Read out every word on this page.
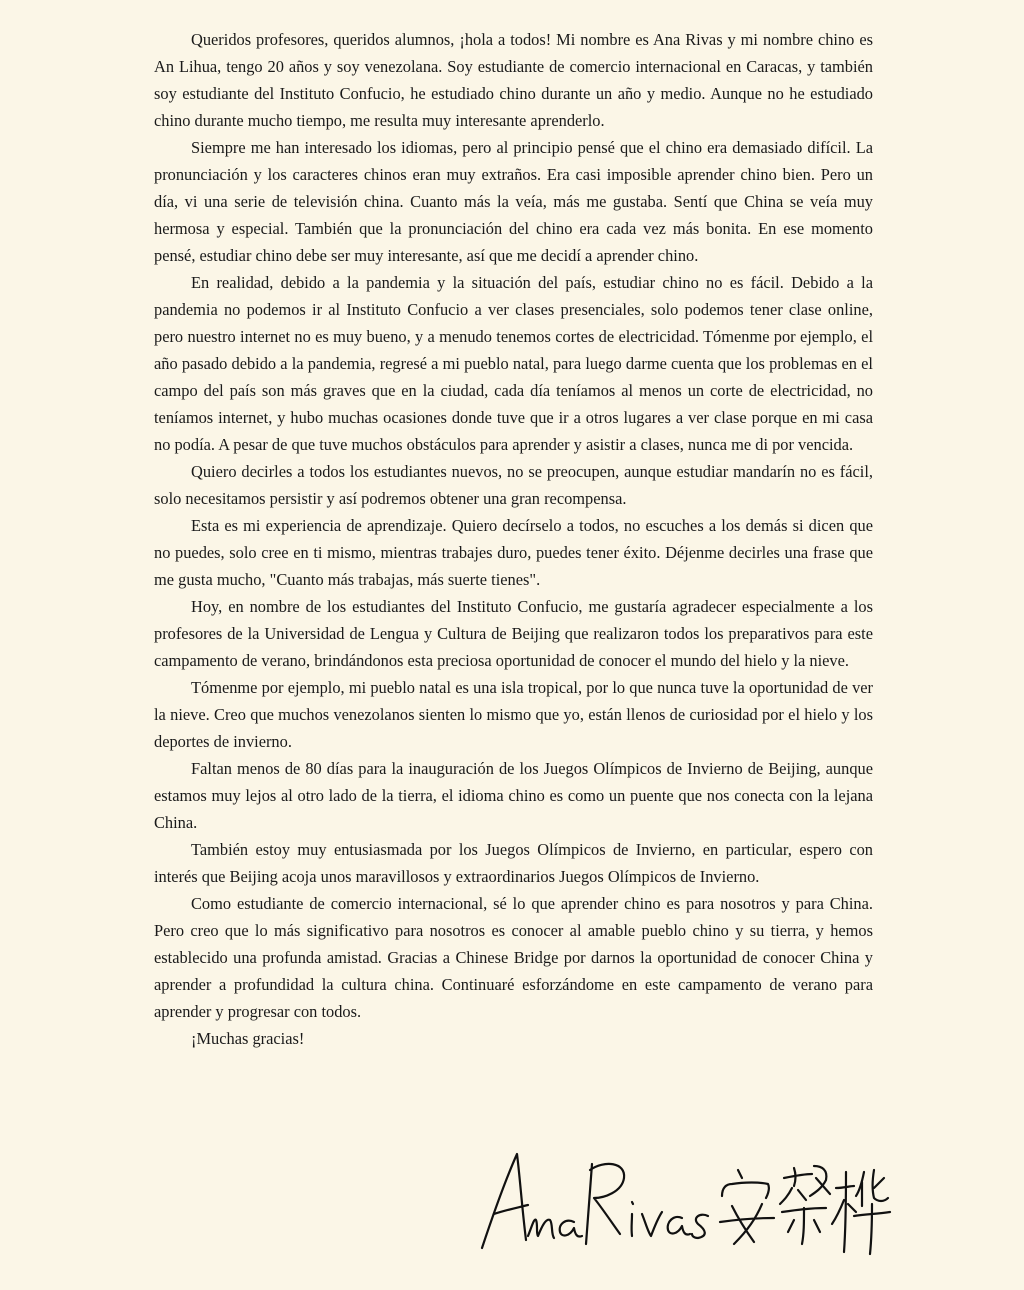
Queridos profesores, queridos alumnos, ¡hola a todos! Mi nombre es Ana Rivas y mi nombre chino es An Lihua, tengo 20 años y soy venezolana. Soy estudiante de comercio internacional en Caracas, y también soy estudiante del Instituto Confucio, he estudiado chino durante un año y medio. Aunque no he estudiado chino durante mucho tiempo, me resulta muy interesante aprenderlo.

Siempre me han interesado los idiomas, pero al principio pensé que el chino era demasiado difícil. La pronunciación y los caracteres chinos eran muy extraños. Era casi imposible aprender chino bien. Pero un día, vi una serie de televisión china. Cuanto más la veía, más me gustaba. Sentí que China se veía muy hermosa y especial. También que la pronunciación del chino era cada vez más bonita. En ese momento pensé, estudiar chino debe ser muy interesante, así que me decidí a aprender chino.

En realidad, debido a la pandemia y la situación del país, estudiar chino no es fácil. Debido a la pandemia no podemos ir al Instituto Confucio a ver clases presenciales, solo podemos tener clase online, pero nuestro internet no es muy bueno, y a menudo tenemos cortes de electricidad. Tómenme por ejemplo, el año pasado debido a la pandemia, regresé a mi pueblo natal, para luego darme cuenta que los problemas en el campo del país son más graves que en la ciudad, cada día teníamos al menos un corte de electricidad, no teníamos internet, y hubo muchas ocasiones donde tuve que ir a otros lugares a ver clase porque en mi casa no podía. A pesar de que tuve muchos obstáculos para aprender y asistir a clases, nunca me di por vencida.

Quiero decirles a todos los estudiantes nuevos, no se preocupen, aunque estudiar mandarín no es fácil, solo necesitamos persistir y así podremos obtener una gran recompensa.

Esta es mi experiencia de aprendizaje. Quiero decírselo a todos, no escuches a los demás si dicen que no puedes, solo cree en ti mismo, mientras trabajes duro, puedes tener éxito. Déjenme decirles una frase que me gusta mucho, "Cuanto más trabajas, más suerte tienes".

Hoy, en nombre de los estudiantes del Instituto Confucio, me gustaría agradecer especialmente a los profesores de la Universidad de Lengua y Cultura de Beijing que realizaron todos los preparativos para este campamento de verano, brindándonos esta preciosa oportunidad de conocer el mundo del hielo y la nieve.

Tómenme por ejemplo, mi pueblo natal es una isla tropical, por lo que nunca tuve la oportunidad de ver la nieve. Creo que muchos venezolanos sienten lo mismo que yo, están llenos de curiosidad por el hielo y los deportes de invierno.

Faltan menos de 80 días para la inauguración de los Juegos Olímpicos de Invierno de Beijing, aunque estamos muy lejos al otro lado de la tierra, el idioma chino es como un puente que nos conecta con la lejana China.

También estoy muy entusiasmada por los Juegos Olímpicos de Invierno, en particular, espero con interés que Beijing acoja unos maravillosos y extraordinarios Juegos Olímpicos de Invierno.

Como estudiante de comercio internacional, sé lo que aprender chino es para nosotros y para China. Pero creo que lo más significativo para nosotros es conocer al amable pueblo chino y su tierra, y hemos establecido una profunda amistad. Gracias a Chinese Bridge por darnos la oportunidad de conocer China y aprender a profundidad la cultura china. Continuaré esforzándome en este campamento de verano para aprender y progresar con todos.

¡Muchas gracias!
